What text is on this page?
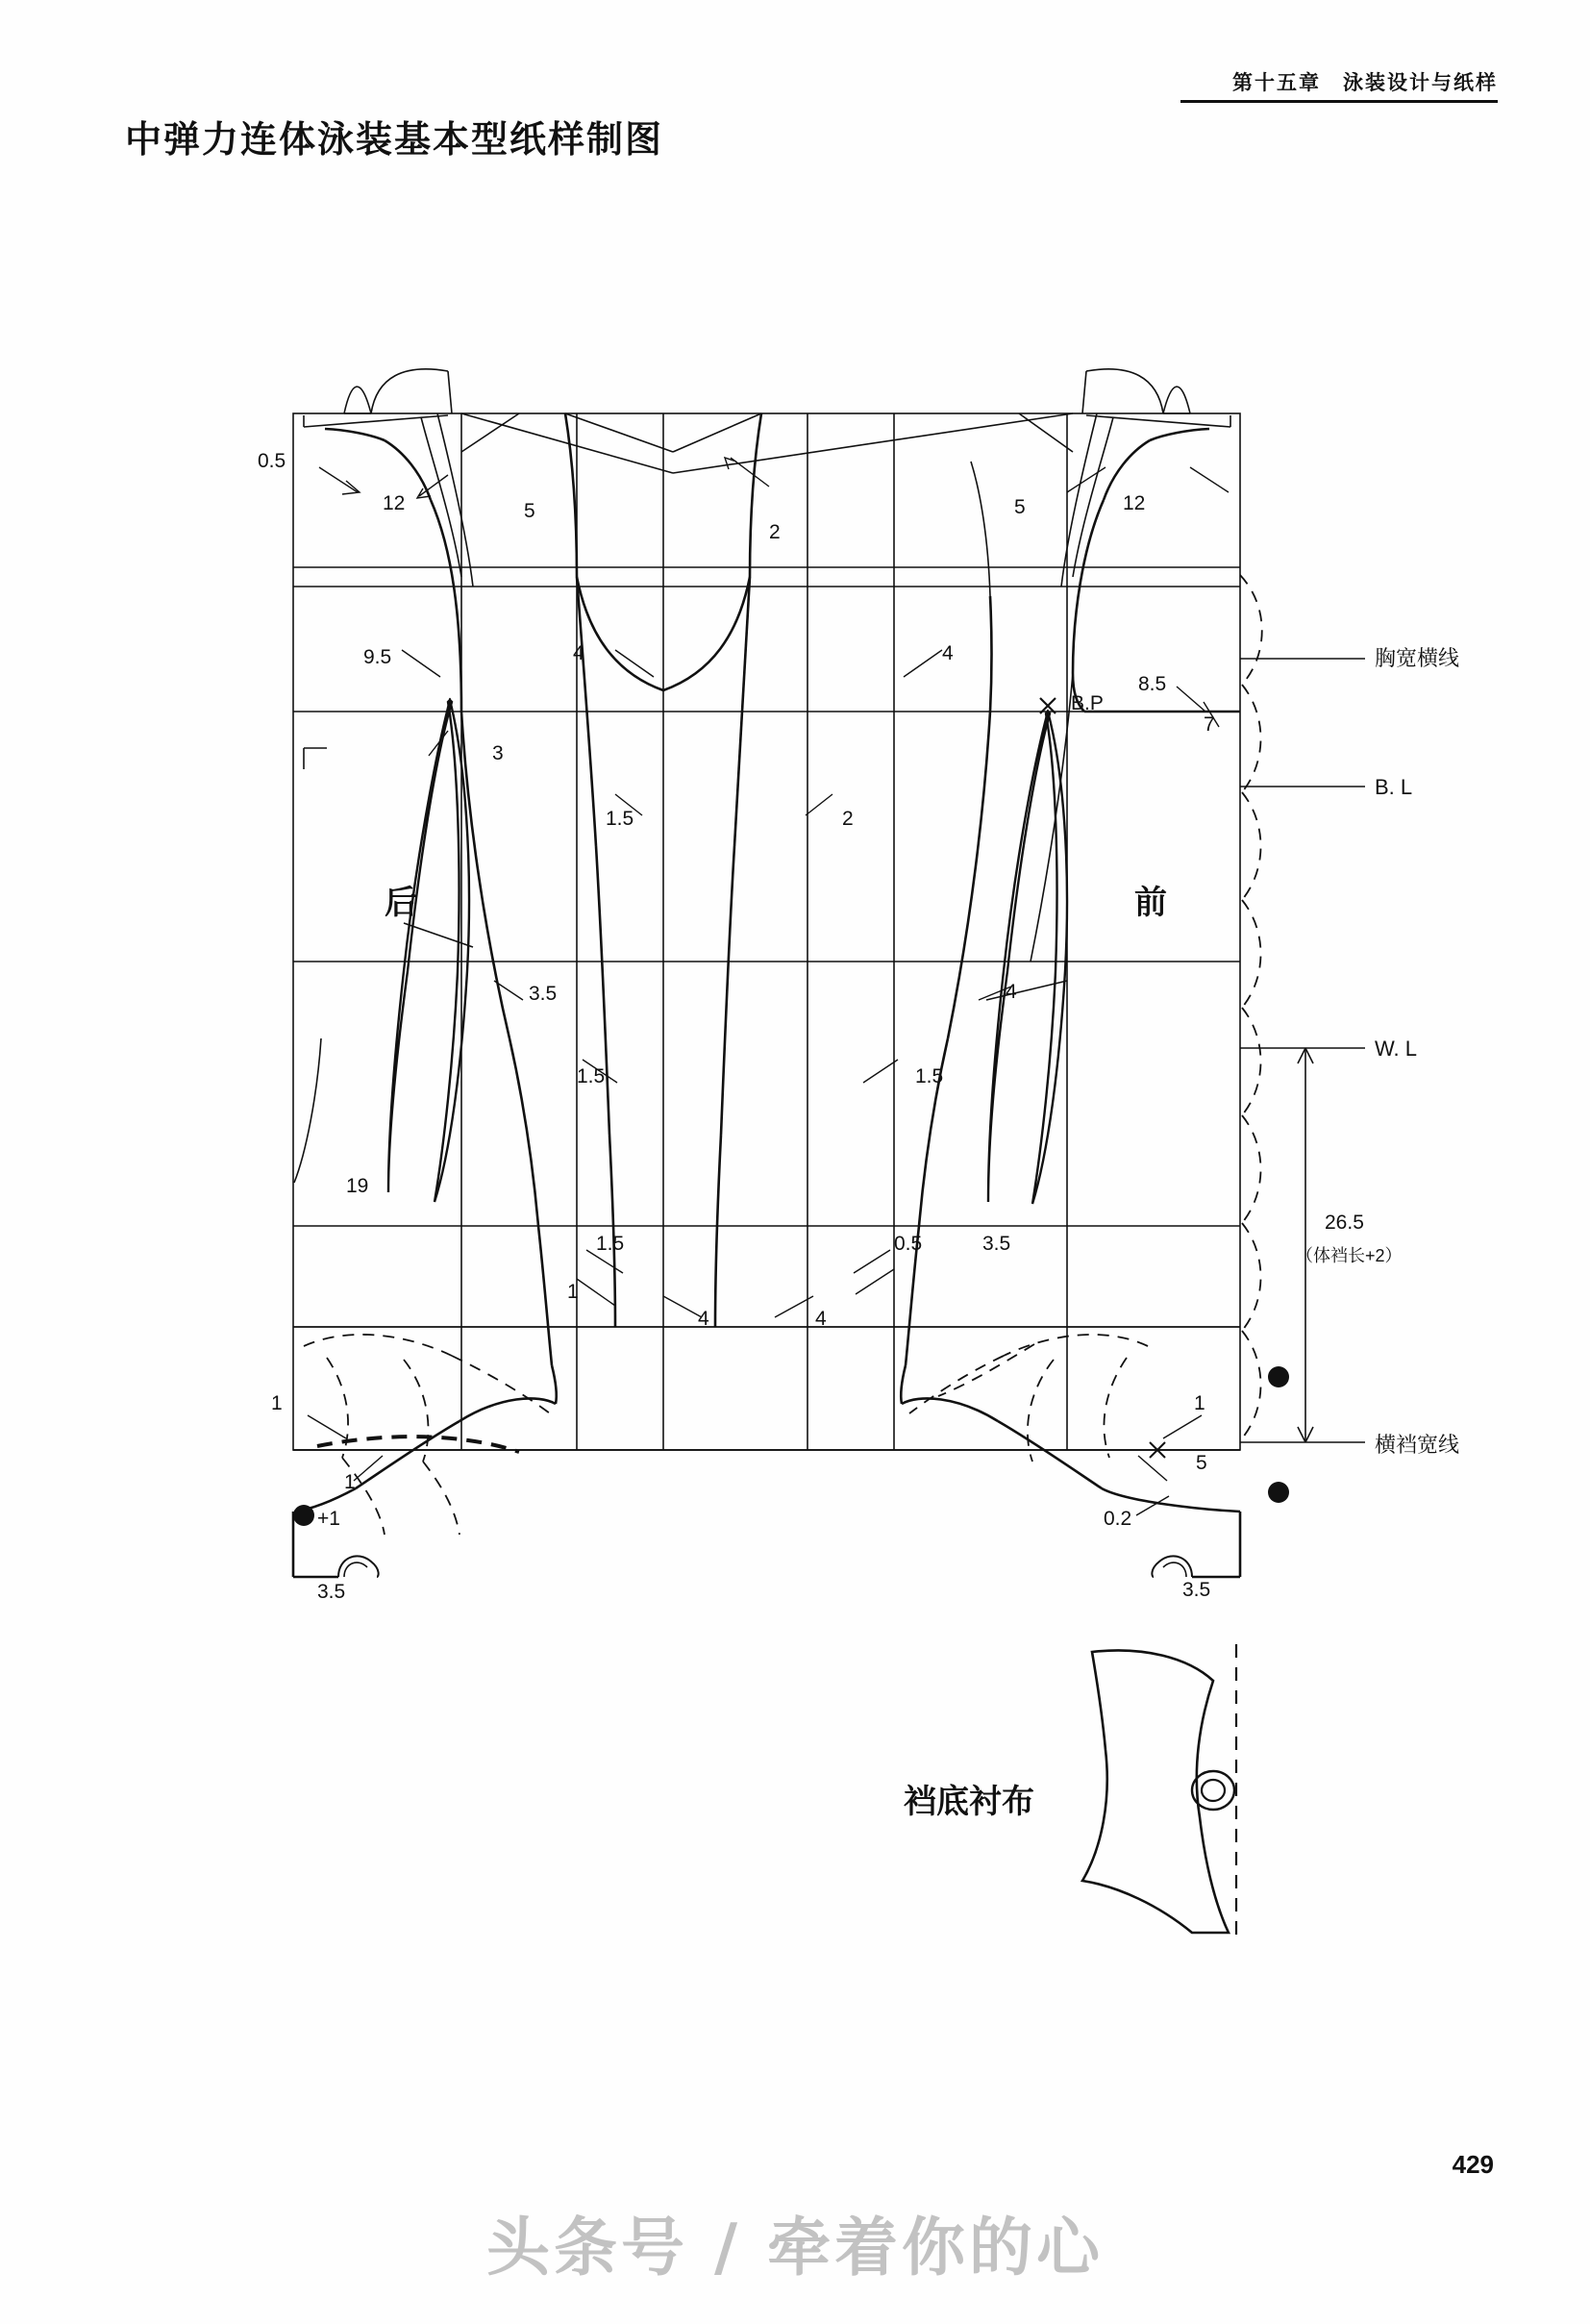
第十五章　泳装设计与纸样
中弹力连体泳装基本型纸样制图
后	前
裆底衬布
胸宽横线
B. L
W. L
横裆宽线
B.P
26.5
（体裆长+2）
0.5
12	5
2
5	12
9.5	4	4
8.5
7
3
1.5	2
3.5	4
1.5	1.5
19
1.5
1
4
0.5	3.5
4
1
1
5
0.2
3.5	3.5
1
+1
429
头条号 / 牵着你的心
